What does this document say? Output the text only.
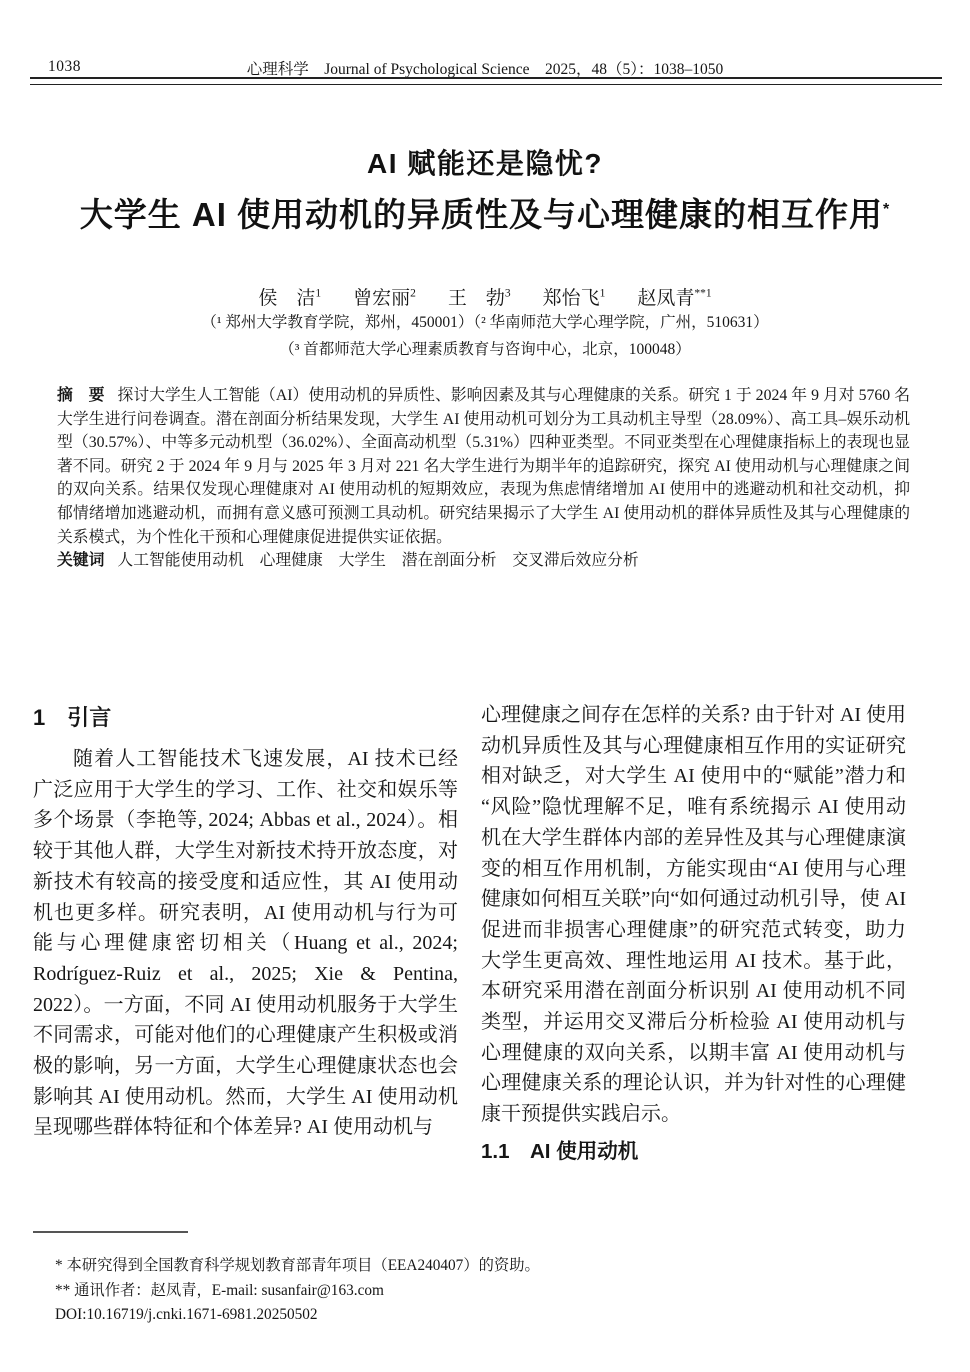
1038	心理科学　Journal of Psychological Science　2025，48（5）：1038–1050
AI 赋能还是隐忧?
大学生 AI 使用动机的异质性及与心理健康的相互作用*
侯　洁$^1$ 曾宏丽$^2$ 王　勃$^3$ 郑怡飞$^1$ 赵凤青$^{**1}$
（¹ 郑州大学教育学院，郑州，450001）（² 华南师范大学心理学院，广州，510631）
（³ 首都师范大学心理素质教育与咨询中心，北京，100048）

摘　要 探讨大学生人工智能（AI）使用动机的异质性、影响因素及其与心理健康的关系。研究 1 于 2024 年 9 月对 5760 名大学生进行问卷调查。潜在剖面分析结果发现，大学生 AI 使用动机可划分为工具动机主导型（28.09%）、高工具–娱乐动机型（30.57%）、中等多元动机型（36.02%）、全面高动机型（5.31%）四种亚类型。不同亚类型在心理健康指标上的表现也显著不同。研究 2 于 2024 年 9 月与 2025 年 3 月对 221 名大学生进行为期半年的追踪研究，探究 AI 使用动机与心理健康之间的双向关系。结果仅发现心理健康对 AI 使用动机的短期效应，表现为焦虑情绪增加 AI 使用中的逃避动机和社交动机，抑郁情绪增加逃避动机，而拥有意义感可预测工具动机。研究结果揭示了大学生 AI 使用动机的群体异质性及其与心理健康的关系模式，为个性化干预和心理健康促进提供实证依据。

关键词 人工智能使用动机　心理健康　大学生　潜在剖面分析　交叉滞后效应分析

1　引言

随着人工智能技术飞速发展，AI 技术已经广泛应用于大学生的学习、工作、社交和娱乐等多个场景（李艳等, 2024; Abbas et al., 2024）。相较于其他人群，大学生对新技术持开放态度，对新技术有较高的接受度和适应性，其 AI 使用动机也更多样。研究表明，AI 使用动机与行为可能与心理健康密切相关（Huang et al., 2024; Rodríguez-Ruiz et al., 2025; Xie & Pentina, 2022）。一方面，不同 AI 使用动机服务于大学生不同需求，可能对他们的心理健康产生积极或消极的影响，另一方面，大学生心理健康状态也会影响其 AI 使用动机。然而，大学生 AI 使用动机呈现哪些群体特征和个体差异? AI 使用动机与

心理健康之间存在怎样的关系? 由于针对 AI 使用动机异质性及其与心理健康相互作用的实证研究相对缺乏，对大学生 AI 使用中的“赋能”潜力和“风险”隐忧理解不足，唯有系统揭示 AI 使用动机在大学生群体内部的差异性及其与心理健康演变的相互作用机制，方能实现由“AI 使用与心理健康如何相互关联”向“如何通过动机引导，使 AI 促进而非损害心理健康”的研究范式转变，助力大学生更高效、理性地运用 AI 技术。基于此，本研究采用潜在剖面分析识别 AI 使用动机不同类型，并运用交叉滞后分析检验 AI 使用动机与心理健康的双向关系，以期丰富 AI 使用动机与心理健康关系的理论认识，并为针对性的心理健康干预提供实践启示。

1.1　AI 使用动机

* 本研究得到全国教育科学规划教育部青年项目（EEA240407）的资助。

** 通讯作者：赵凤青，E-mail: susanfair@163.com

DOI:10.16719/j.cnki.1671-6981.20250502
